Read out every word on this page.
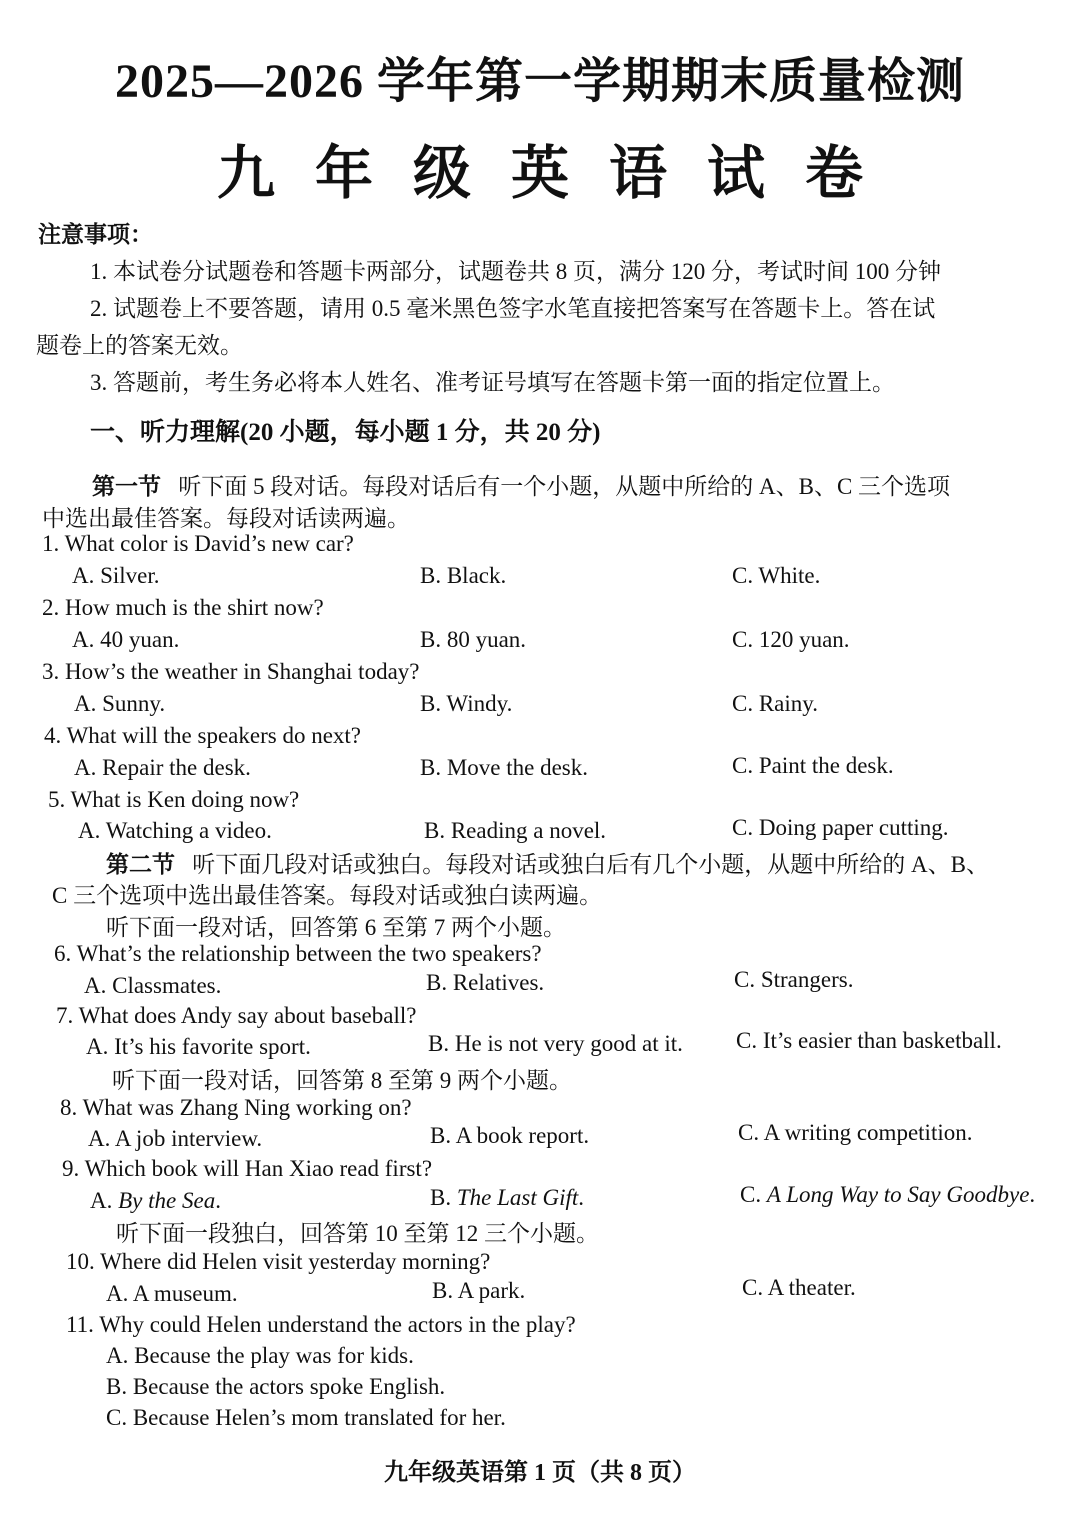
2025—2026 学年第一学期期末质量检测
九年级英语试卷
注意事项：
1. 本试卷分试题卷和答题卡两部分，试题卷共 8 页，满分 120 分，考试时间 100 分钟
2. 试题卷上不要答题，请用 0.5 毫米黑色签字水笔直接把答案写在答题卡上。答在试
题卷上的答案无效。
3. 答题前，考生务必将本人姓名、准考证号填写在答题卡第一面的指定位置上。
一、听力理解(20 小题，每小题 1 分，共 20 分)
第一节 听下面 5 段对话。每段对话后有一个小题，从题中所给的 A、B、C 三个选项
中选出最佳答案。每段对话读两遍。
1. What color is David’s new car?
A. Silver.	B. Black.	C. White.
2. How much is the shirt now?
A. 40 yuan.	B. 80 yuan.	C. 120 yuan.
3. How’s the weather in Shanghai today?
A. Sunny.	B. Windy.	C. Rainy.
4. What will the speakers do next?
A. Repair the desk.	B. Move the desk.	C. Paint the desk.
5. What is Ken doing now?
A. Watching a video.	B. Reading a novel.	C. Doing paper cutting.
第二节 听下面几段对话或独白。每段对话或独白后有几个小题，从题中所给的 A、B、
C 三个选项中选出最佳答案。每段对话或独白读两遍。
听下面一段对话，回答第 6 至第 7 两个小题。
6. What’s the relationship between the two speakers?
A. Classmates.	B. Relatives.	C. Strangers.
7. What does Andy say about baseball?
A. It’s his favorite sport.	B. He is not very good at it. C. It’s easier than basketball.
听下面一段对话，回答第 8 至第 9 两个小题。
8. What was Zhang Ning working on?
A. A job interview.	B. A book report.	C. A writing competition.
9. Which book will Han Xiao read first?
A. By the Sea.	B. The Last Gift.	C. A Long Way to Say Goodbye.
听下面一段独白，回答第 10 至第 12 三个小题。
10. Where did Helen visit yesterday morning?
A. A museum.	B. A park.	C. A theater.
11. Why could Helen understand the actors in the play?
A. Because the play was for kids.
B. Because the actors spoke English.
C. Because Helen’s mom translated for her.
九年级英语第 1 页（共 8 页）
